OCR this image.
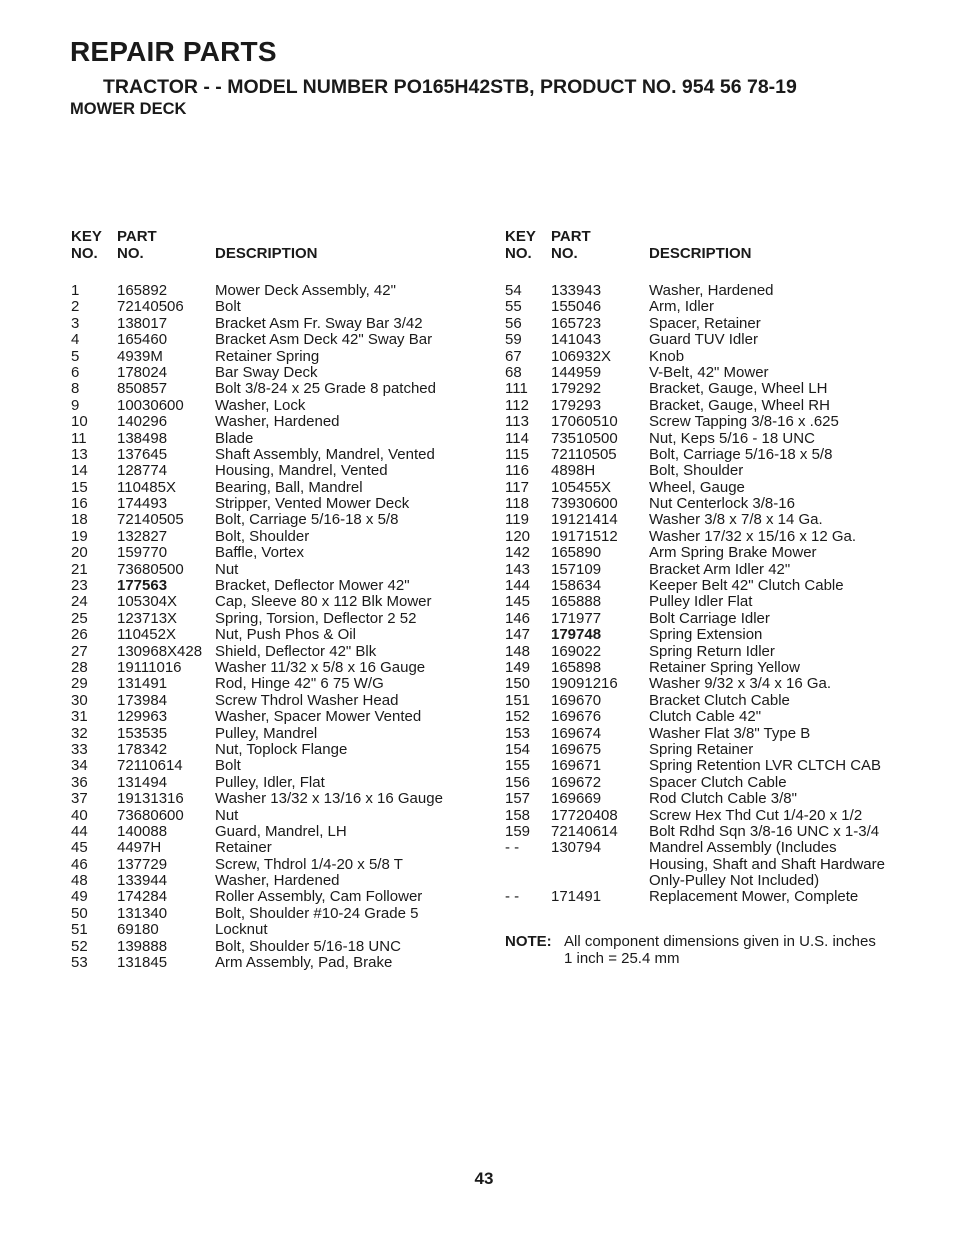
REPAIR PARTS
TRACTOR - - MODEL NUMBER PO165H42STB, PRODUCT NO. 954 56 78-19
MOWER DECK
KEY
NO.
PART
NO.	DESCRIPTION
1	165892	Mower Deck Assembly, 42"
2	72140506 Bolt
3	138017	Bracket Asm Fr. Sway Bar 3/42
4	165460	Bracket Asm Deck 42" Sway Bar
5	4939M	Retainer Spring
6	178024	Bar Sway Deck
8	850857	Bolt 3/8-24 x 25 Grade 8 patched
9	10030600 Washer, Lock
10 140296	Washer, Hardened
11 138498	Blade
13 137645	Shaft Assembly, Mandrel, Vented
14 128774	Housing, Mandrel, Vented
15 110485X	Bearing, Ball, Mandrel
16 174493	Stripper, Vented Mower Deck
18 72140505 Bolt, Carriage 5/16-18 x 5/8
19 132827	Bolt, Shoulder
20 159770	Baffle, Vortex
21 73680500 Nut
23 177563	Bracket, Deflector Mower 42"
24 105304X	Cap, Sleeve 80 x 112 Blk Mower
25 123713X	Spring, Torsion, Deflector 2 52
26 110452X	Nut, Push Phos & Oil
27 130968X428 Shield, Deflector 42" Blk
28 19111016 Washer 11/32 x 5/8 x 16 Gauge
29 131491	Rod, Hinge 42" 6 75 W/G
30 173984	Screw Thdrol Washer Head
31 129963	Washer, Spacer Mower Vented
32 153535	Pulley, Mandrel
33 178342	Nut, Toplock Flange
34 72110614 Bolt
36 131494	Pulley, Idler, Flat
37 19131316 Washer 13/32 x 13/16 x 16 Gauge
40 73680600 Nut
44 140088	Guard, Mandrel, LH
45 4497H	Retainer
46 137729	Screw, Thdrol 1/4-20 x 5/8 T
48 133944	Washer, Hardened
49 174284	Roller Assembly, Cam Follower
50 131340	Bolt, Shoulder #10-24 Grade 5
51 69180	Locknut
52 139888	Bolt, Shoulder 5/16-18 UNC
53 131845	Arm Assembly, Pad, Brake
KEY
NO.
PART
NO.	DESCRIPTION
54 133943	Washer, Hardened
55 155046	Arm, Idler
56 165723	Spacer, Retainer
59 141043	Guard TUV Idler
67 106932X	Knob
68 144959	V-Belt, 42" Mower
111 179292	Bracket, Gauge, Wheel LH
112 179293	Bracket, Gauge, Wheel RH
113 17060510 Screw Tapping 3/8-16 x .625
114 73510500 Nut, Keps 5/16 - 18 UNC
115 72110505 Bolt, Carriage 5/16-18 x 5/8
116 4898H	Bolt, Shoulder
117 105455X	Wheel, Gauge
118 73930600 Nut Centerlock 3/8-16
119 19121414 Washer 3/8 x 7/8 x 14 Ga.
120 19171512 Washer 17/32 x 15/16 x 12 Ga.
142 165890	Arm Spring Brake Mower
143 157109	Bracket Arm Idler 42"
144 158634	Keeper Belt 42" Clutch Cable
145 165888	Pulley Idler Flat
146 171977	Bolt Carriage Idler
147 179748	Spring Extension
148 169022	Spring Return Idler
149 165898	Retainer Spring Yellow
150 19091216 Washer 9/32 x 3/4 x 16 Ga.
151 169670	Bracket Clutch Cable
152 169676	Clutch Cable 42"
153 169674	Washer Flat 3/8" Type B
154 169675	Spring Retainer
155 169671	Spring Retention LVR CLTCH CAB
156 169672	Spacer Clutch Cable
157 169669	Rod Clutch Cable 3/8"
158 17720408 Screw Hex Thd Cut 1/4-20 x 1/2
159 72140614 Bolt Rdhd Sqn 3/8-16 UNC x 1-3/4
- - 130794	Mandrel Assembly (Includes
Housing, Shaft and Shaft Hardware
Only-Pulley Not Included)
- - 171491	Replacement Mower, Complete
NOTE: All component dimensions given in U.S. inches
1 inch = 25.4 mm
43
